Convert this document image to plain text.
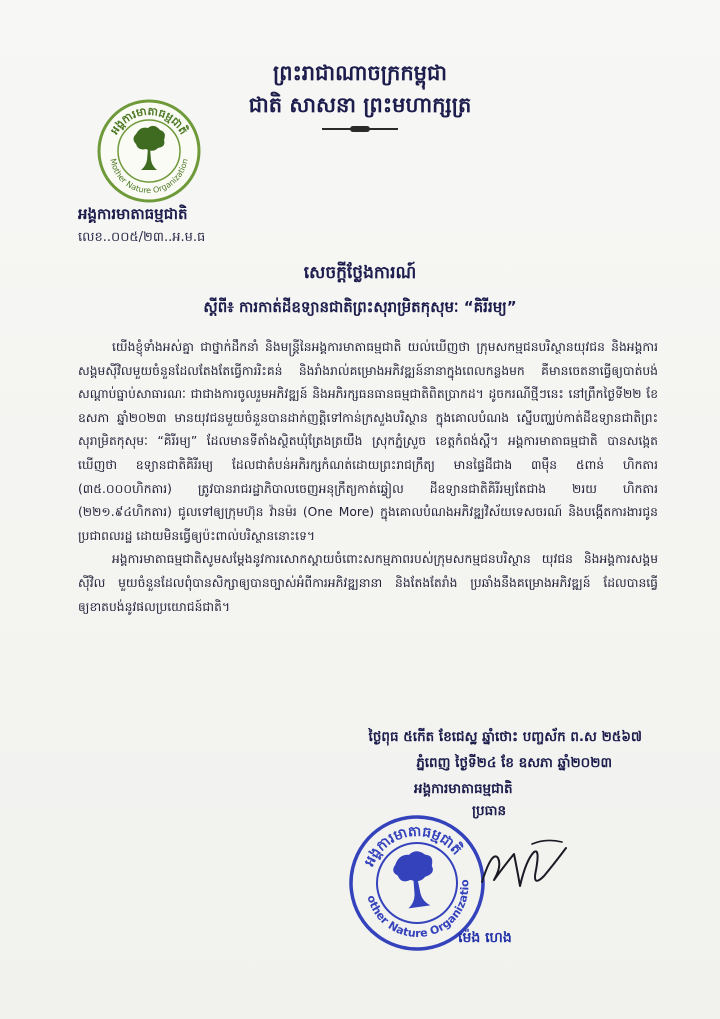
ព្រះរាជាណាចក្រកម្ពុជា
ជាតិ សាសនា ព្រះមហាក្សត្រ
អង្គការមាតាធម្មជាតិ
Mother Nature Organization
អង្គការមាតាធម្មជាតិ
លេខ..០០៥/២៣..អ.ម.ធ
សេចក្ដីថ្លែងការណ៍
ស្ដីពី៖ ការកាត់ដីឧទ្យានជាតិព្រះសុរាម្រិតកុសុមៈ “គិរីរម្យ”

យើងខ្ញុំទាំងអស់គ្នា ជាថ្នាក់ដឹកនាំ និងមន្ត្រីនៃអង្គការមាតាធម្មជាតិ យល់ឃើញថា ក្រុមសកម្មជនបរិស្ថានយុវជន និងអង្គការសង្គមស៊ីវិលមួយចំនួនដែលតែងតែធ្វើការរិះគន់ និងរាំងរាល់គម្រោងអភិវឌ្ឍន៍នានាក្នុងពេលកន្លងមក គឺមានចេតនាធ្វើឲ្យបាត់បង់សណ្ដាប់ធ្នាប់សាធារណៈ ជាជាងការចូលរួមអភិវឌ្ឍន៍ និងអភិរក្សធនធានធម្មជាតិពិតប្រាកដ។ ដូចករណីថ្មីៗនេះ នៅព្រឹកថ្ងៃទី២២ ខែឧសភា ឆ្នាំ២០២៣ មានយុវជនមួយចំនួនបានដាក់ញត្តិទៅកាន់ក្រសួងបរិស្ថាន ក្នុងគោលបំណង ស្នើបញ្ឈប់កាត់ដីឧទ្យានជាតិព្រះសុរាម្រិតកុសុមៈ “គិរីរម្យ” ដែលមានទីតាំងស្ថិតឃុំត្រែងត្រយឹង ស្រុកភ្នំស្រួច ខេត្តកំពង់ស្ពឺ។ អង្គការមាតាធម្មជាតិ បានសង្កេតឃើញថា ឧទ្យានជាតិគិរីរម្យ ដែលជាតំបន់អភិរក្សកំណត់ដោយព្រះរាជក្រឹត្យ មានផ្ទៃដីជាង ៣ម៉ឺន ៥ពាន់ ហិកតារ (៣៥.០០០ហិកតារ) ត្រូវបានរាជរដ្ឋាភិបាលចេញអនុក្រឹត្យកាត់ឆ្វៀល ដីឧទ្យានជាតិគិរីរម្យតែជាង ២រយ ហិកតារ (២២១.៩៤ហិកតារ) ជូលទៅឲ្យក្រុមហ៊ុន វ៉ានម៉រ (One More) ក្នុងគោលបំណងអភិវឌ្ឍវិស័យទេសចរណ៍ និងបង្កើតការងារជូនប្រជាពលរដ្ឋ ដោយមិនធ្វើឲ្យប៉ះពាល់បរិស្ថាននោះទេ។

អង្គការមាតាធម្មជាតិសូមសម្ដែងនូវការសោកស្ដាយចំពោះសកម្មភាពរបស់ក្រុមសកម្មជនបរិស្ថាន យុវជន និងអង្គការសង្គមស៊ីវិល មួយចំនួនដែលពុំបានសិក្សាឲ្យបានច្បាស់អំពីការអភិវឌ្ឍនានា និងតែងតែរាំង ប្រឆាំងនឹងគម្រោងអភិវឌ្ឍន៍ ដែលបានធ្វើឲ្យខាតបង់នូវផលប្រយោជន៍ជាតិ។

ថ្ងៃពុធ ៥កើត ខែជេស្ឋ ឆ្នាំថោះ បញ្ចស័ក ព.ស ២៥៦៧
ភ្នំពេញ ថ្ងៃទី២៤ ខែ ឧសភា ឆ្នាំ២០២៣
អង្គការមាតាធម្មជាតិ
ប្រធាន
អង្គការមាតាធម្មជាតិ
Mother Nature Organization
ម៉េង ហេង
